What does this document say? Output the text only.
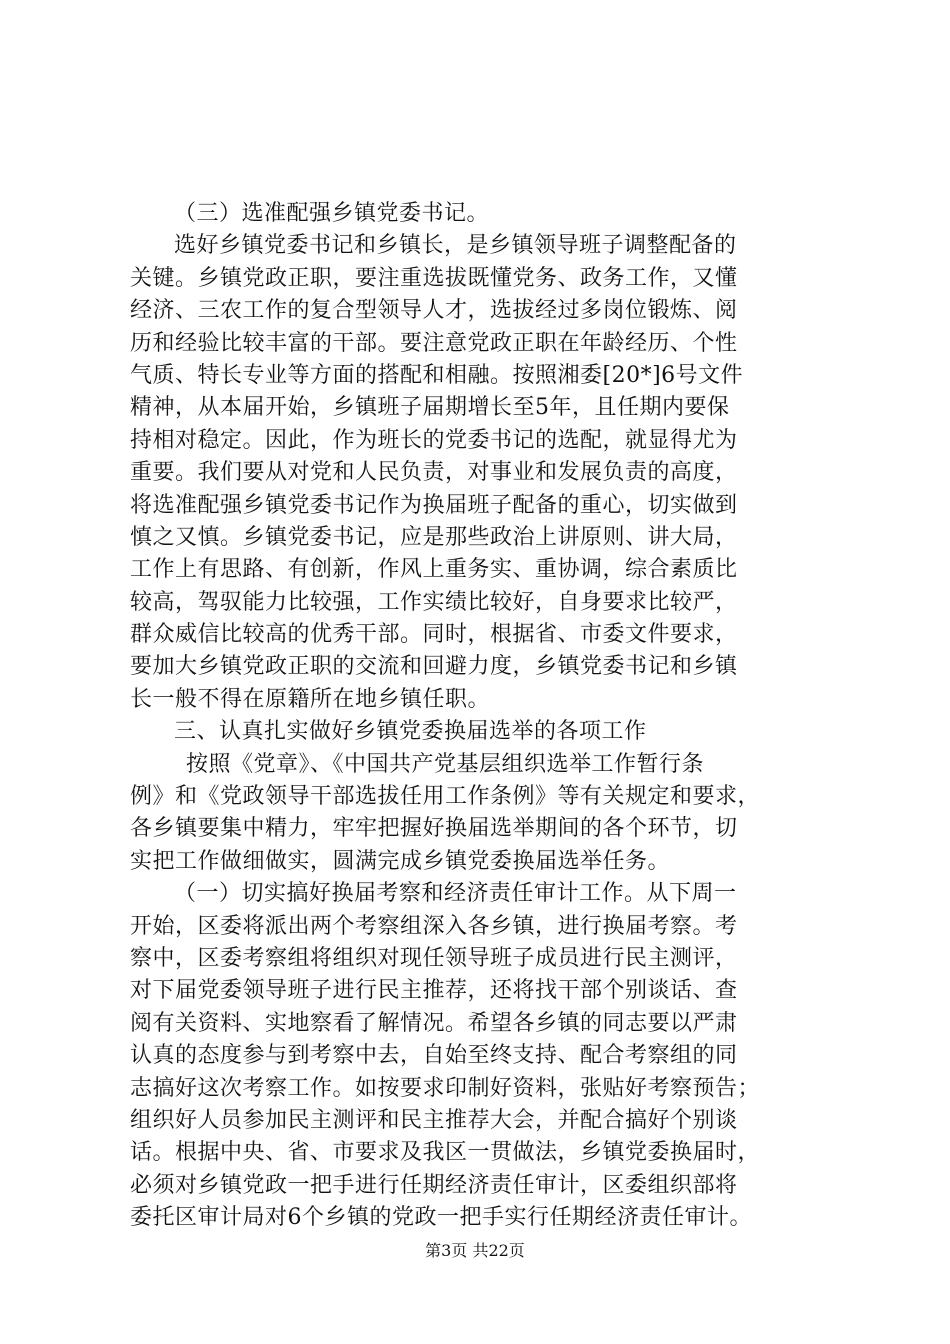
（三）选准配强乡镇党委书记。
选好乡镇党委书记和乡镇长，是乡镇领导班子调整配备的
关键。乡镇党政正职，要注重选拔既懂党务、政务工作，又懂
经济、三农工作的复合型领导人才，选拔经过多岗位锻炼、阅
历和经验比较丰富的干部。要注意党政正职在年龄经历、个性
气质、特长专业等方面的搭配和相融。按照湘委[20*]6号文件
精神，从本届开始，乡镇班子届期增长至5年，且任期内要保
持相对稳定。因此，作为班长的党委书记的选配，就显得尤为
重要。我们要从对党和人民负责，对事业和发展负责的高度，
将选准配强乡镇党委书记作为换届班子配备的重心，切实做到
慎之又慎。乡镇党委书记，应是那些政治上讲原则、讲大局，
工作上有思路、有创新，作风上重务实、重协调，综合素质比
较高，驾驭能力比较强，工作实绩比较好，自身要求比较严，
群众威信比较高的优秀干部。同时，根据省、市委文件要求，
要加大乡镇党政正职的交流和回避力度，乡镇党委书记和乡镇
长一般不得在原籍所在地乡镇任职。
三、认真扎实做好乡镇党委换届选举的各项工作
按照《党章》、《中国共产党基层组织选举工作暂行条
例》和《党政领导干部选拔任用工作条例》等有关规定和要求，
各乡镇要集中精力，牢牢把握好换届选举期间的各个环节，切
实把工作做细做实，圆满完成乡镇党委换届选举任务。
（一）切实搞好换届考察和经济责任审计工作。从下周一
开始，区委将派出两个考察组深入各乡镇，进行换届考察。考
察中，区委考察组将组织对现任领导班子成员进行民主测评，
对下届党委领导班子进行民主推荐，还将找干部个别谈话、查
阅有关资料、实地察看了解情况。希望各乡镇的同志要以严肃
认真的态度参与到考察中去，自始至终支持、配合考察组的同
志搞好这次考察工作。如按要求印制好资料，张贴好考察预告；
组织好人员参加民主测评和民主推荐大会，并配合搞好个别谈
话。根据中央、省、市要求及我区一贯做法，乡镇党委换届时，
必须对乡镇党政一把手进行任期经济责任审计，区委组织部将
委托区审计局对6个乡镇的党政一把手实行任期经济责任审计。
第3页 共22页
